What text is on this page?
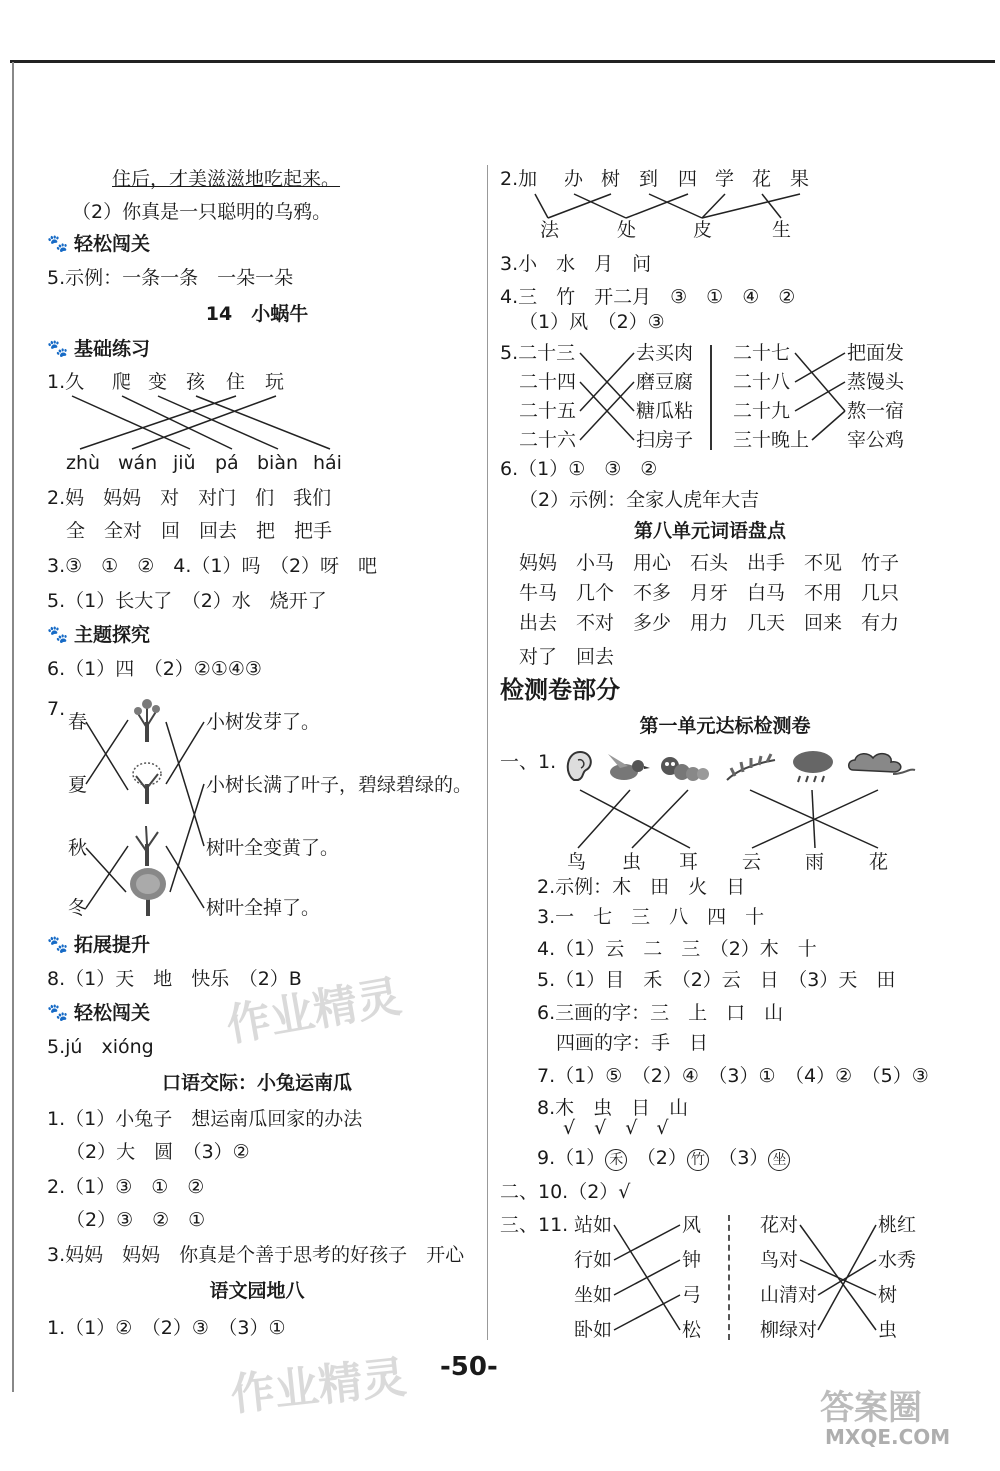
住后，才美滋滋地吃起来。
（2）你真是一只聪明的乌鸦。
🐾 轻松闯关
5.示例：一条一条　一朵一朵
14　小蜗牛
🐾 基础练习
1.久 爬 变 孩 住 玩
zhù wán jiǔ pá biàn hái
2.妈　妈妈　对　对门　们　我们
全　全对　回　回去　把　把手
3.③　①　②　4.（1）吗　（2）呀　吧
5.（1）长大了　（2）水　烧开了
🐾 主题探究
6.（1）四　（2）②①④③
7.
春
夏
秋
冬
小树发芽了。
小树长满了叶子，碧绿碧绿的。
树叶全变黄了。
树叶全掉了。
🐾 拓展提升
8.（1）天　地　快乐　（2）B
🐾 轻松闯关
5.jú　xióng
口语交际：小兔运南瓜
1.（1）小兔子　想运南瓜回家的办法
（2）大　圆　（3）②
2.（1）③　①　②
（2）③　②　①
3.妈妈　妈妈　你真是个善于思考的好孩子　开心
语文园地八
1.（1）②　（2）③　（3）①
2.加 办 树 到 四 学 花 果
法	处	皮	生
3.小　水　月　问
4.三　竹　开二月　③　①　④　②
（1）风　（2）③
5.二十三
二十四
二十五
二十六
去买肉
磨豆腐
糖瓜粘
扫房子
二十七
二十八
二十九
三十晚上
把面发
蒸馒头
熬一宿
宰公鸡
6.（1）①　③　②
（2）示例：全家人虎年大吉
第八单元词语盘点
妈妈　小马　用心　石头　出手　不见　竹子
牛马　几个　不多　月牙　白马　不用　几只
出去　不对　多少　用力　几天　回来　有力
对了　回去
检测卷部分
第一单元达标检测卷
一、1.
鸟 虫 耳 云 雨 花
2.示例：木　田　火　日
3.一　七　三　八　四　十
4.（1）云　二　三　（2）木　十
5.（1）目　禾　（2）云　日　（3）天　田
6.三画的字：三　上　口　山
四画的字：手　日
7.（1）⑤　（2）④　（3）①　（4）②　（5）③
8.木　虫　日　山
√　√　√　√
9.（1） 禾　 （2） 竹　 （3） 坐
二、10.（2）√
三、11. 站如
行如
坐如
卧如
风
钟
弓
松
花对
鸟对
山清对
柳绿对
桃红
水秀
树
虫
作业精灵
作业精灵	答案圈
MXQE.COM
-50-
